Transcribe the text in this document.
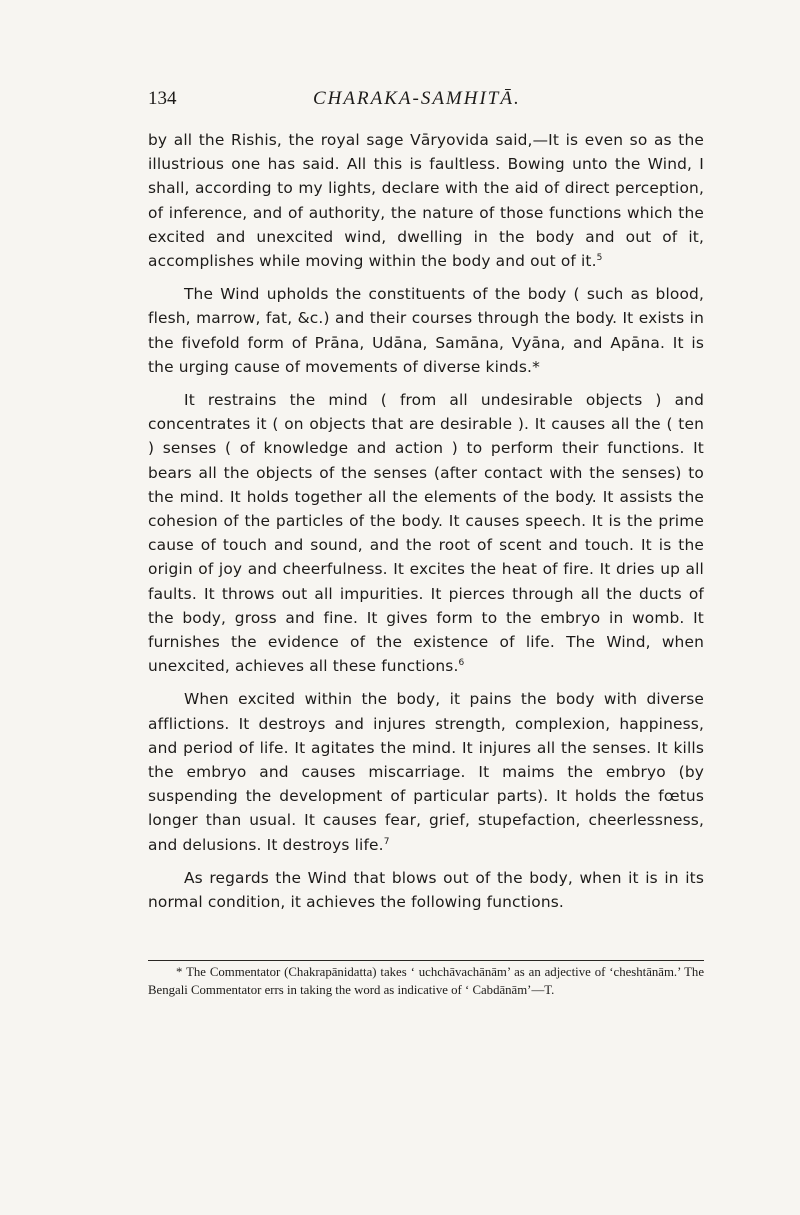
134	CHARAKA-SAMHITĀ.

by all the Rishis, the royal sage Vāryovida said,—It is even so as the illustrious one has said. All this is faultless. Bowing unto the Wind, I shall, according to my lights, declare with the aid of direct perception, of inference, and of authority, the nature of those functions which the excited and unexcited wind, dwelling in the body and out of it, accomplishes while moving within the body and out of it.$^5$

The Wind upholds the constituents of the body ( such as blood, flesh, marrow, fat, &c.) and their courses through the body. It exists in the fivefold form of Prāna, Udāna, Samāna, Vyāna, and Apāna. It is the urging cause of movements of diverse kinds.*

It restrains the mind ( from all undesirable objects ) and concentrates it ( on objects that are desirable ). It causes all the ( ten ) senses ( of knowledge and action ) to perform their functions. It bears all the objects of the senses (after contact with the senses) to the mind. It holds together all the elements of the body. It assists the cohesion of the particles of the body. It causes speech. It is the prime cause of touch and sound, and the root of scent and touch. It is the origin of joy and cheerfulness. It excites the heat of fire. It dries up all faults. It throws out all impurities. It pierces through all the ducts of the body, gross and fine. It gives form to the embryo in womb. It furnishes the evidence of the existence of life. The Wind, when unexcited, achieves all these functions.$^6$

When excited within the body, it pains the body with diverse afflictions. It destroys and injures strength, complexion, happiness, and period of life. It agitates the mind. It injures all the senses. It kills the embryo and causes miscarriage. It maims the embryo (by suspending the development of particular parts). It holds the fœtus longer than usual. It causes fear, grief, stupefaction, cheerlessness, and delusions. It destroys life.$^7$

As regards the Wind that blows out of the body, when it is in its normal condition, it achieves the following functions.

* The Commentator (Chakrapānidatta) takes ‘ uchchāvachānām’ as an adjective of ‘cheshtānām.’ The Bengali Commentator errs in taking the word as indicative of ‘ Cabdānām’—T.
